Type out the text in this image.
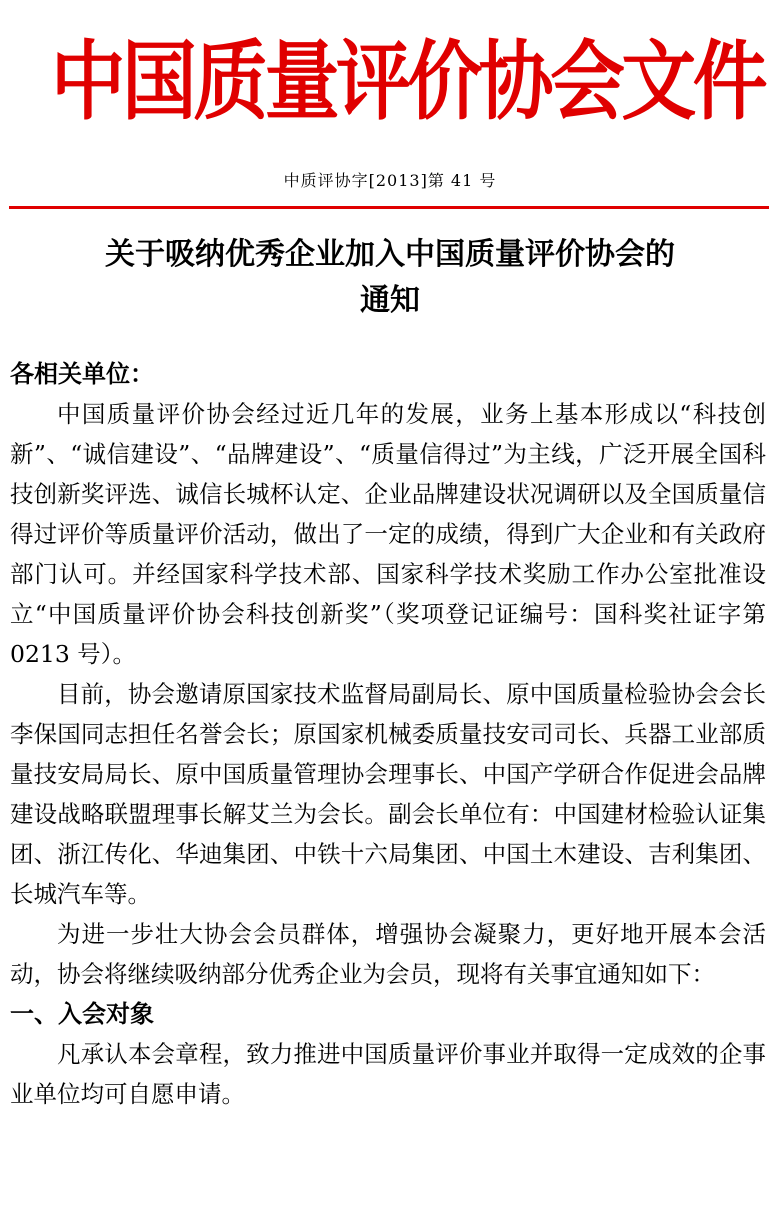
中国质量评价协会文件
中质评协字[2013]第 41 号
关于吸纳优秀企业加入中国质量评价协会的
通知

各相关单位：

中国质量评价协会经过近几年的发展，业务上基本形成以“科技创新”、“诚信建设”、“品牌建设”、“质量信得过”为主线，广泛开展全国科技创新奖评选、诚信长城杯认定、企业品牌建设状况调研以及全国质量信得过评价等质量评价活动，做出了一定的成绩，得到广大企业和有关政府部门认可。并经国家科学技术部、国家科学技术奖励工作办公室批准设立“中国质量评价协会科技创新奖”（奖项登记证编号：国科奖社证字第 0213 号）。

目前，协会邀请原国家技术监督局副局长、原中国质量检验协会会长李保国同志担任名誉会长；原国家机械委质量技安司司长、兵器工业部质量技安局局长、原中国质量管理协会理事长、中国产学研合作促进会品牌建设战略联盟理事长解艾兰为会长。副会长单位有：中国建材检验认证集团、浙江传化、华迪集团、中铁十六局集团、中国土木建设、吉利集团、长城汽车等。

为进一步壮大协会会员群体，增强协会凝聚力，更好地开展本会活动，协会将继续吸纳部分优秀企业为会员，现将有关事宜通知如下：

一、入会对象

凡承认本会章程，致力推进中国质量评价事业并取得一定成效的企事业单位均可自愿申请。
